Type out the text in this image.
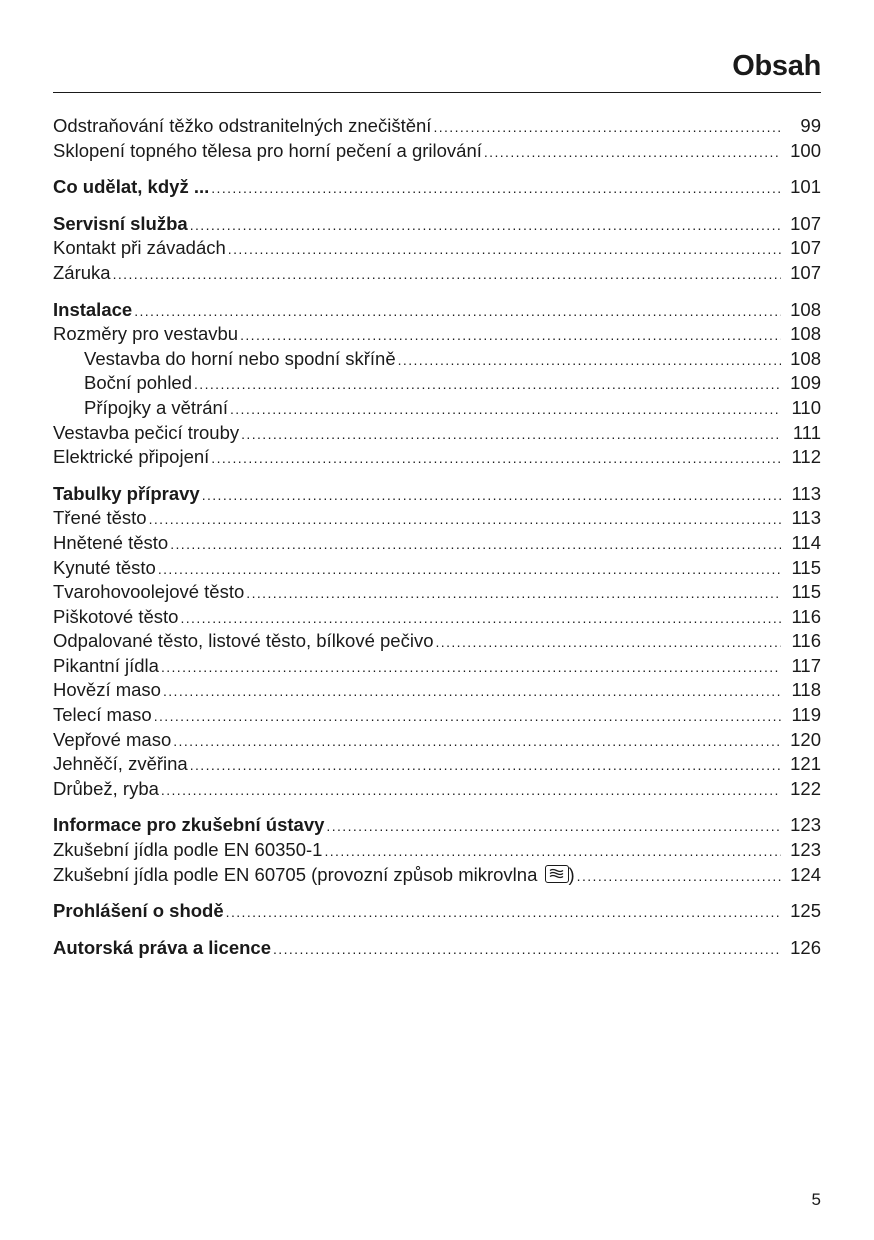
Obsah
Odstraňování těžko odstranitelných znečištění .....	99
Sklopení topného tělesa pro horní pečení a grilování .....	100
Co udělat, když ... .....	101
Servisní služba .....	107
Kontakt při závadách .....	107
Záruka .....	107
Instalace .....	108
Rozměry pro vestavbu .....	108
Vestavba do horní nebo spodní skříně .....	108
Boční pohled .....	109
Přípojky a větrání .....	110
Vestavba pečicí trouby .....	111
Elektrické připojení .....	112
Tabulky přípravy .....	113
Třené těsto .....	113
Hnětené těsto .....	114
Kynuté těsto .....	115
Tvarohovoolejové těsto .....	115
Piškotové těsto .....	116
Odpalované těsto, listové těsto, bílkové pečivo .....	116
Pikantní jídla .....	117
Hovězí maso .....	118
Telecí maso .....	119
Vepřové maso .....	120
Jehněčí, zvěřina .....	121
Drůbež, ryba .....	122
Informace pro zkušební ústavy .....	123
Zkušební jídla podle EN 60350-1 .....	123
Zkušební jídla podle EN 60705 (provozní způsob mikrovlna ) .....	124
Prohlášení o shodě .....	125
Autorská práva a licence .....	126
5
